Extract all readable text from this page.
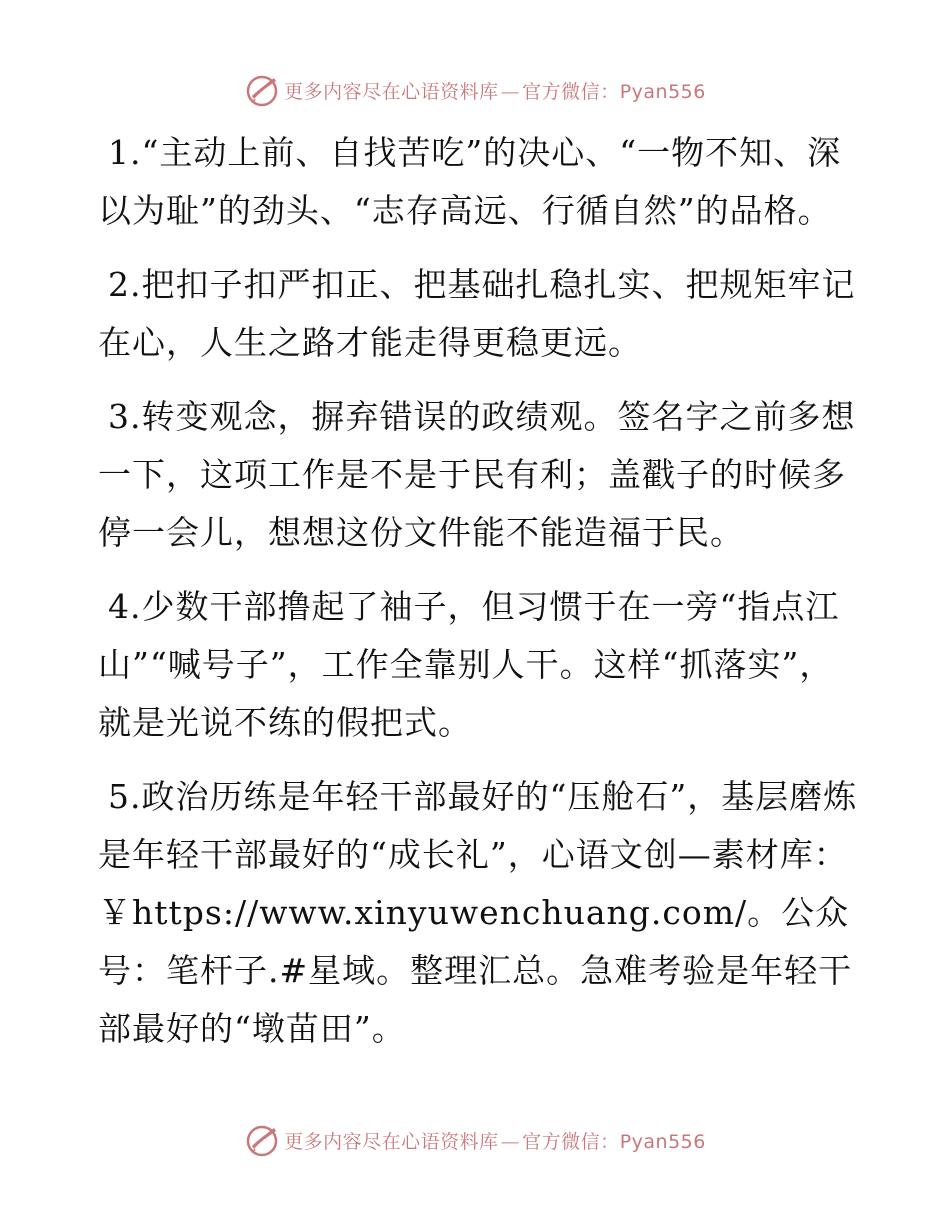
更多内容尽在心语资料库 — 官方微信：Pyan556

1.“主动上前、自找苦吃”的决心、“一物不知、深以为耻”的劲头、“志存高远、行循自然”的品格。

2.把扣子扣严扣正、把基础扎稳扎实、把规矩牢记在心，人生之路才能走得更稳更远。

3.转变观念，摒弃错误的政绩观。签名字之前多想一下，这项工作是不是于民有利；盖戳子的时候多停一会儿，想想这份文件能不能造福于民。

4.少数干部撸起了袖子，但习惯于在一旁“指点江山”“喊号子”，工作全靠别人干。这样“抓落实”，就是光说不练的假把式。

5.政治历练是年轻干部最好的“压舱石”，基层磨炼是年轻干部最好的“成长礼”，心语文创—素材库：￥https://www.xinyuwenchuang.com/。公众号：笔杆子.#星域。整理汇总。急难考验是年轻干部最好的“墩苗田”。

更多内容尽在心语资料库 — 官方微信：Pyan556
